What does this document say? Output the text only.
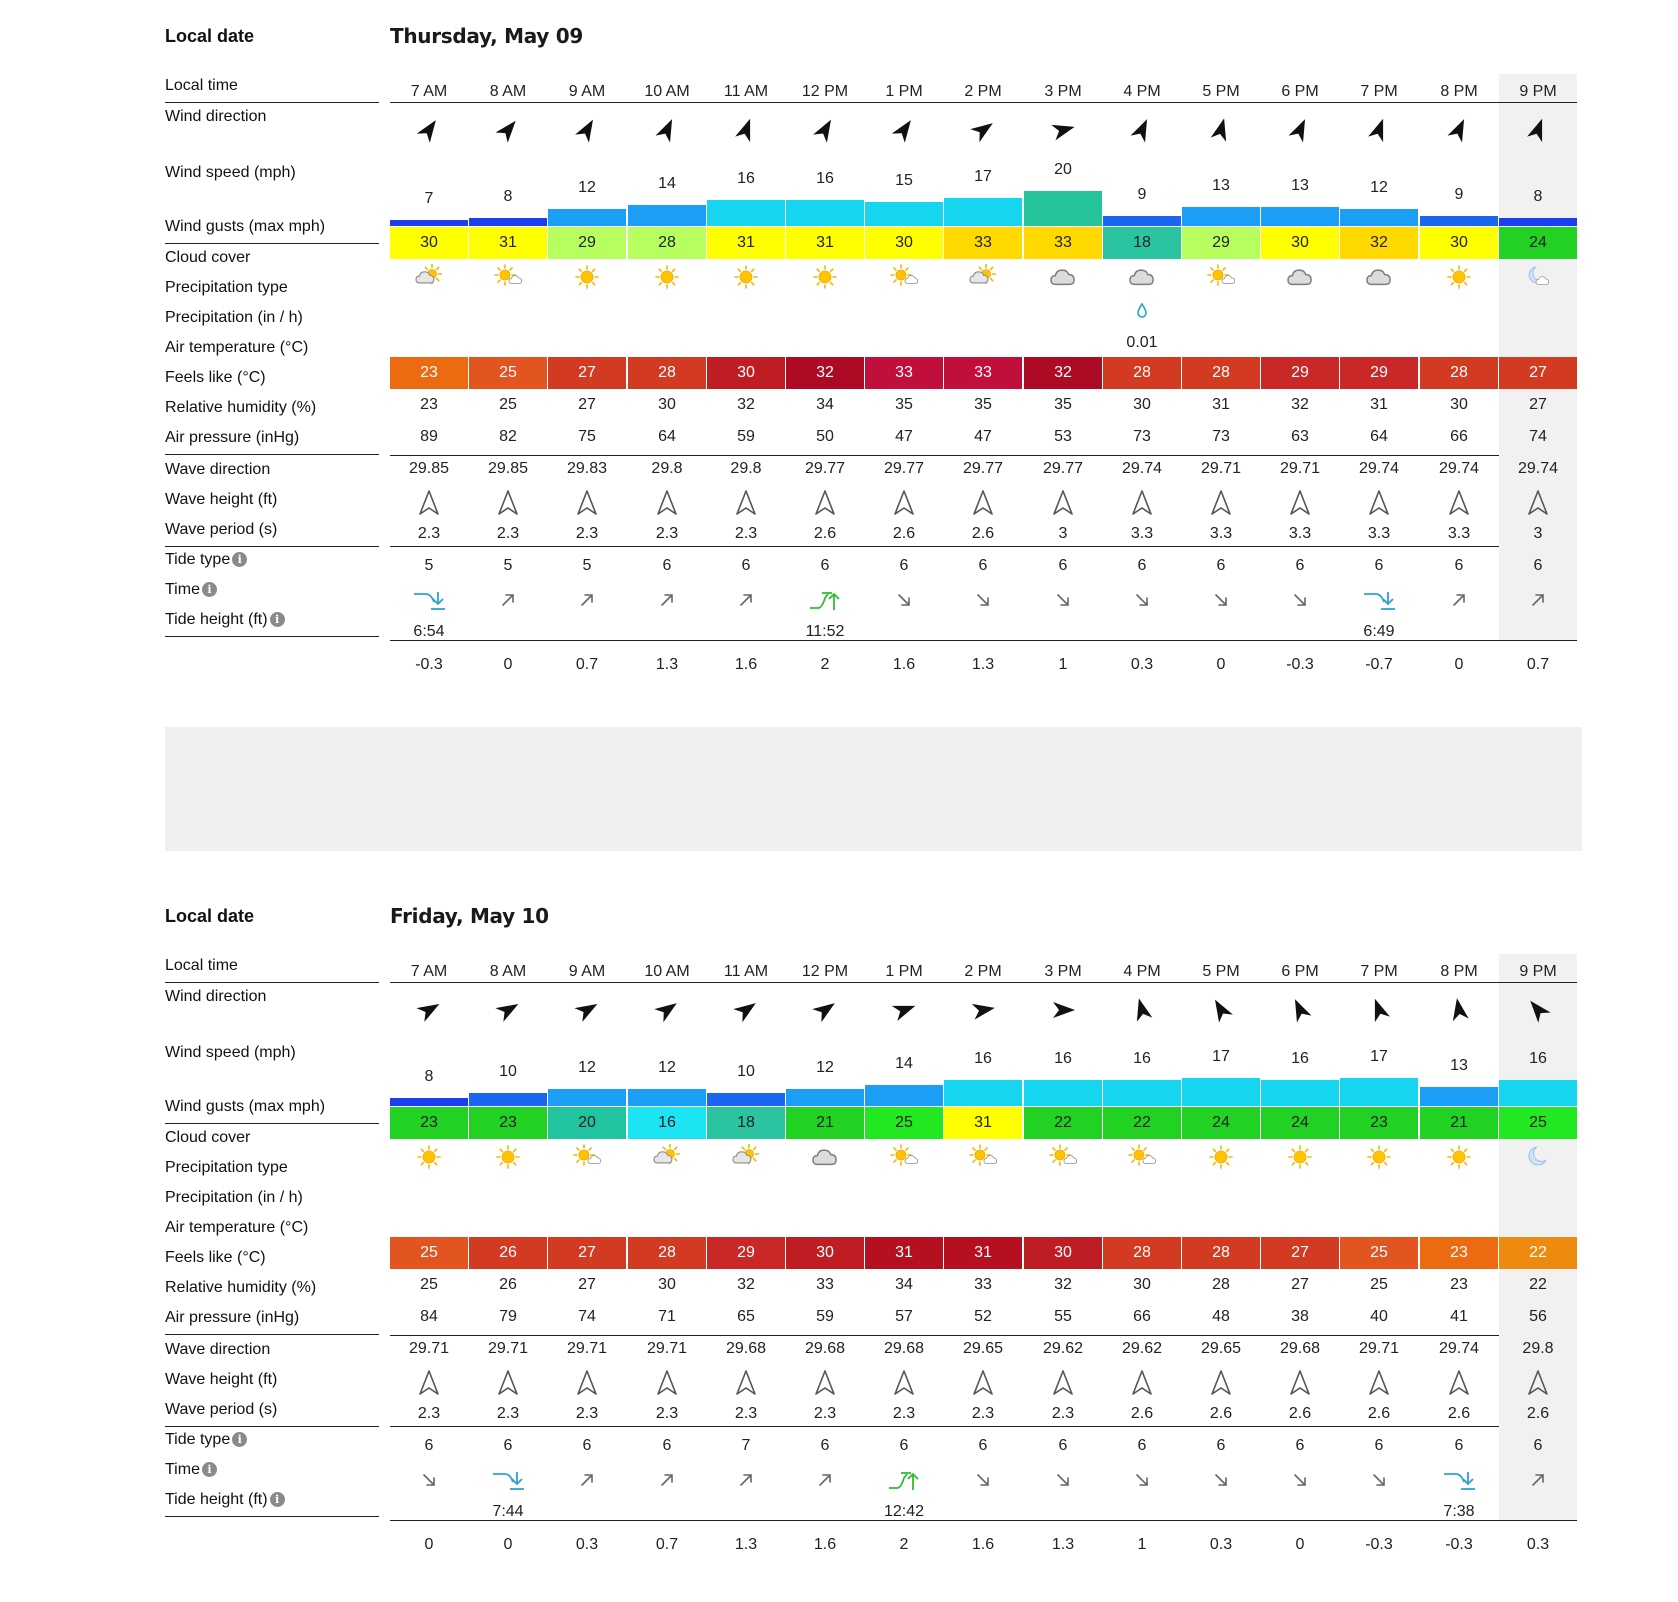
Local date	Thursday, May 09
Local time
Wind direction
Wind speed (mph)
Wind gusts (max mph)
Cloud cover
Precipitation type
Precipitation (in / h)
Air temperature (°C)
Feels like (°C)
Relative humidity (%)
Air pressure (inHg)
Wave direction
Wave height (ft)
Wave period (s)
Tide type i
Time i
Tide height (ft) i
7 AM
7
30
23
23
89
29.85
2.3
5
6:54
-0.3
8 AM
8
31
25
25
82
29.85
2.3
5
0
9 AM
12
29
27
27
75
29.83
2.3
5
0.7
10 AM
14
28
28
30
64
29.8
2.3
6
1.3
11 AM
16
31
30
32
59
29.8
2.3
6
1.6
12 PM
16
31
32
34
50
29.77
2.6
6
11:52
2
1 PM
15
30
33
35
47
29.77
2.6
6
1.6
2 PM
17
33
33
35
47
29.77
2.6
6
1.3
3 PM
20
33
32
35
53
29.77
3
6
1
4 PM
9
18
0.01
28
30
73
29.74
3.3
6
0.3
5 PM
13
29
28
31
73
29.71
3.3
6
0
6 PM
13
30
29
32
63
29.71
3.3
6
-0.3
7 PM
12
32
29
31
64
29.74
3.3
6
6:49
-0.7
8 PM
9
30
28
30
66
29.74
3.3
6
0
9 PM
8
24
27
27
74
29.74
3
6
0.7
Local date	Friday, May 10
Local time
Wind direction
Wind speed (mph)
Wind gusts (max mph)
Cloud cover
Precipitation type
Precipitation (in / h)
Air temperature (°C)
Feels like (°C)
Relative humidity (%)
Air pressure (inHg)
Wave direction
Wave height (ft)
Wave period (s)
Tide type i
Time i
Tide height (ft) i
7 AM
8
23
25
25
84
29.71
2.3
6
0
8 AM
10
23
26
26
79
29.71
2.3
6
7:44
0
9 AM
12
20
27
27
74
29.71
2.3
6
0.3
10 AM
12
16
28
30
71
29.71
2.3
6
0.7
11 AM
10
18
29
32
65
29.68
2.3
7
1.3
12 PM
12
21
30
33
59
29.68
2.3
6
1.6
1 PM
14
25
31
34
57
29.68
2.3
6
12:42
2
2 PM
16
31
31
33
52
29.65
2.3
6
1.6
3 PM
16
22
30
32
55
29.62
2.3
6
1.3
4 PM
16
22
28
30
66
29.62
2.6
6
1
5 PM
17
24
28
28
48
29.65
2.6
6
0.3
6 PM
16
24
27
27
38
29.68
2.6
6
0
7 PM
17
23
25
25
40
29.71
2.6
6
-0.3
8 PM
13
21
23
23
41
29.74
2.6
6
7:38
-0.3
9 PM
16
25
22
22
56
29.8
2.6
6
0.3
